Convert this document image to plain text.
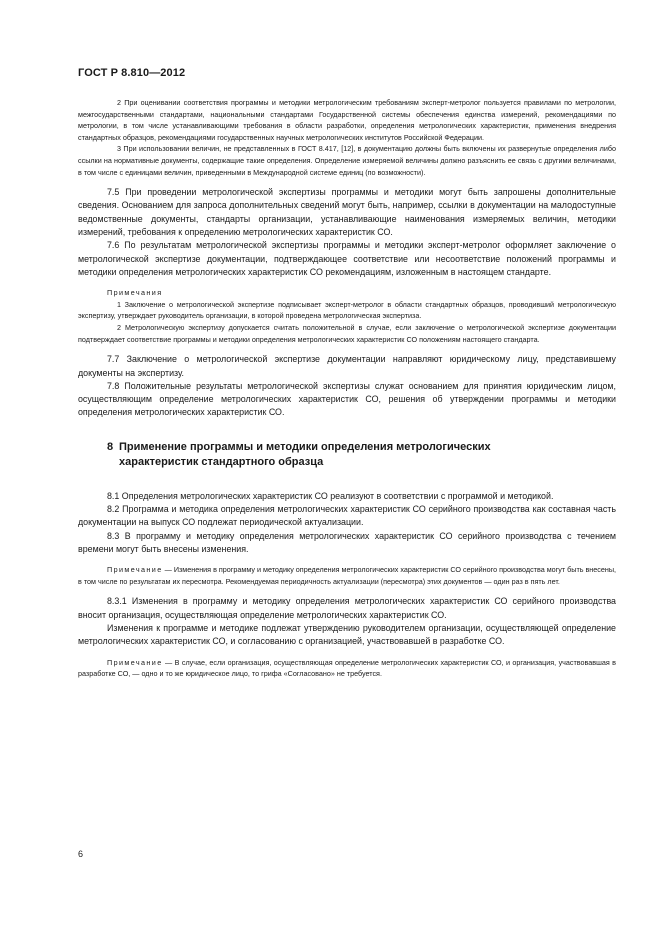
ГОСТ Р 8.810—2012

2 При оценивании соответствия программы и методики метрологическим требованиям эксперт-метролог пользуется правилами по метрологии, межгосударственными стандартами, национальными стандартами Государственной системы обеспечения единства измерений, рекомендациями по метрологии, в том числе устанавливающими требования в области разработки, определения метрологических характеристик, применения внедрения стандартных образцов, рекомендациями государственных научных метрологических институтов Российской Федерации.

3 При использовании величин, не представленных в ГОСТ 8.417, [12], в документацию должны быть включены их развернутые определения либо ссылки на нормативные документы, содержащие такие определения. Определение измеряемой величины должно разъяснить ее связь с другими величинами, в том числе с единицами величин, приведенными в Международной системе единиц (по возможности).

7.5 При проведении метрологической экспертизы программы и методики могут быть запрошены дополнительные сведения. Основанием для запроса дополнительных сведений могут быть, например, ссылки в документации на малодоступные ведомственные документы, стандарты организации, устанавливающие наименования измеряемых величин, методики измерений, требования к определению метрологических характеристик СО.

7.6 По результатам метрологической экспертизы программы и методики эксперт-метролог оформляет заключение о метрологической экспертизе документации, подтверждающее соответствие или несоответствие положений программы и методики определения метрологических характеристик СО рекомендациям, изложенным в настоящем стандарте.

Примечания

1 Заключение о метрологической экспертизе подписывает эксперт-метролог в области стандартных образцов, проводивший метрологическую экспертизу, утверждает руководитель организации, в которой проведена метрологическая экспертиза.

2 Метрологическую экспертизу допускается считать положительной в случае, если заключение о метрологической экспертизе документации подтверждает соответствие программы и методики определения метрологических характеристик СО положениям настоящего стандарта.

7.7 Заключение о метрологической экспертизе документации направляют юридическому лицу, представившему документы на экспертизу.

7.8 Положительные результаты метрологической экспертизы служат основанием для принятия юридическим лицом, осуществляющим определение метрологических характеристик СО, решения об утверждении программы и методики определения метрологических характеристик СО.

8 Применение программы и методики определения метрологических
характеристик стандартного образца

8.1 Определения метрологических характеристик СО реализуют в соответствии с программой и методикой.

8.2 Программа и методика определения метрологических характеристик СО серийного производства как составная часть документации на выпуск СО подлежат периодической актуализации.

8.3 В программу и методику определения метрологических характеристик СО серийного производства с течением времени могут быть внесены изменения.

Примечание — Изменения в программу и методику определения метрологических характеристик СО серийного производства могут быть внесены, в том числе по результатам их пересмотра. Рекомендуемая периодичность актуализации (пересмотра) этих документов — один раз в пять лет.

8.3.1 Изменения в программу и методику определения метрологических характеристик СО серийного производства вносит организация, осуществляющая определение метрологических характеристик СО.

Изменения к программе и методике подлежат утверждению руководителем организации, осуществляющей определение метрологических характеристик СО, и согласованию с организацией, участвовавшей в разработке СО.

Примечание — В случае, если организация, осуществляющая определение метрологических характеристик СО, и организация, участвовавшая в разработке СО, — одно и то же юридическое лицо, то грифа «Согласовано» не требуется.

6
